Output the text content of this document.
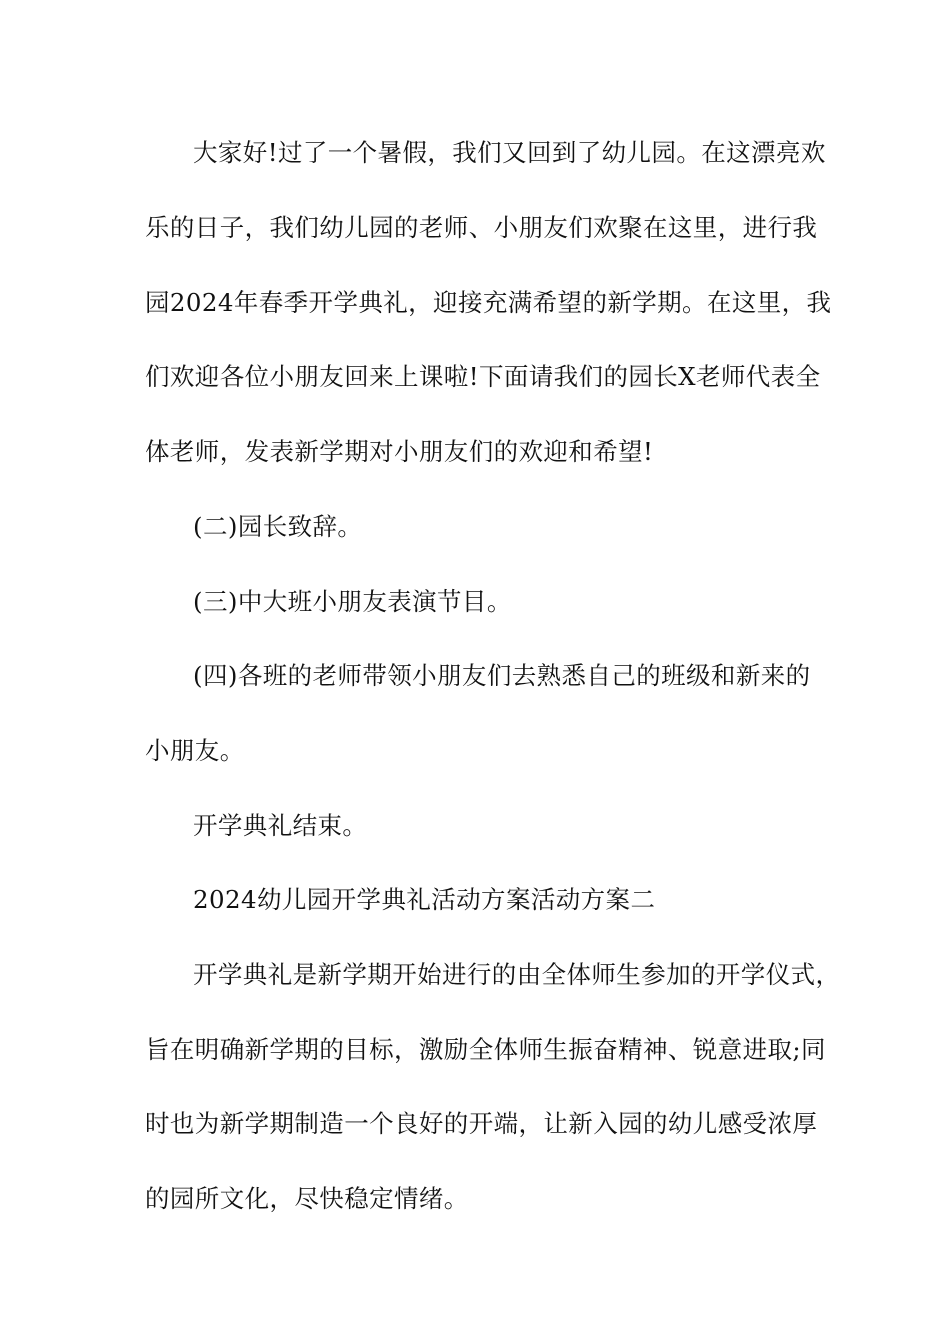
大家好!过了一个暑假，我们又回到了幼儿园。在这漂亮欢
乐的日子，我们幼儿园的老师、小朋友们欢聚在这里，进行我
园2024年春季开学典礼，迎接充满希望的新学期。在这里，我
们欢迎各位小朋友回来上课啦!下面请我们的园长X老师代表全
体老师，发表新学期对小朋友们的欢迎和希望!
(二)园长致辞。
(三)中大班小朋友表演节目。
(四)各班的老师带领小朋友们去熟悉自己的班级和新来的
小朋友。
开学典礼结束。
2024幼儿园开学典礼活动方案活动方案二
开学典礼是新学期开始进行的由全体师生参加的开学仪式，
旨在明确新学期的目标，激励全体师生振奋精神、锐意进取;同
时也为新学期制造一个良好的开端，让新入园的幼儿感受浓厚
的园所文化，尽快稳定情绪。
